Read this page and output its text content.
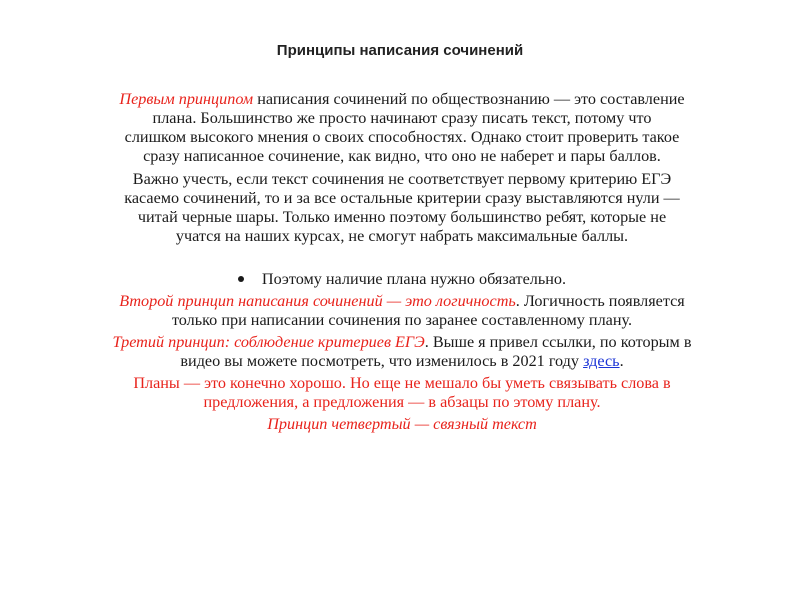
Принципы написания сочинений

Первым принципом написания сочинений по обществознанию — это составление
плана. Большинство же просто начинают сразу писать текст, потому что
слишком высокого мнения о своих способностях. Однако стоит проверить такое
сразу написанное сочинение, как видно, что оно не наберет и пары баллов.

Важно учесть, если текст сочинения не соответствует первому критерию ЕГЭ
касаемо сочинений, то и за все остальные критерии сразу выставляются нули —
читай черные шары. Только именно поэтому большинство ребят, которые не
учатся на наших курсах, не смогут набрать максимальные баллы.

Поэтому наличие плана нужно обязательно.

Второй принцип написания сочинений — это логичность. Логичность появляется
только при написании сочинения по заранее составленному плану.

Третий принцип: соблюдение критериев ЕГЭ. Выше я привел ссылки, по которым в
видео вы можете посмотреть, что изменилось в 2021 году здесь.

Планы — это конечно хорошо. Но еще не мешало бы уметь связывать слова в
предложения, а предложения — в абзацы по этому плану.

Принцип четвертый — связный текст
